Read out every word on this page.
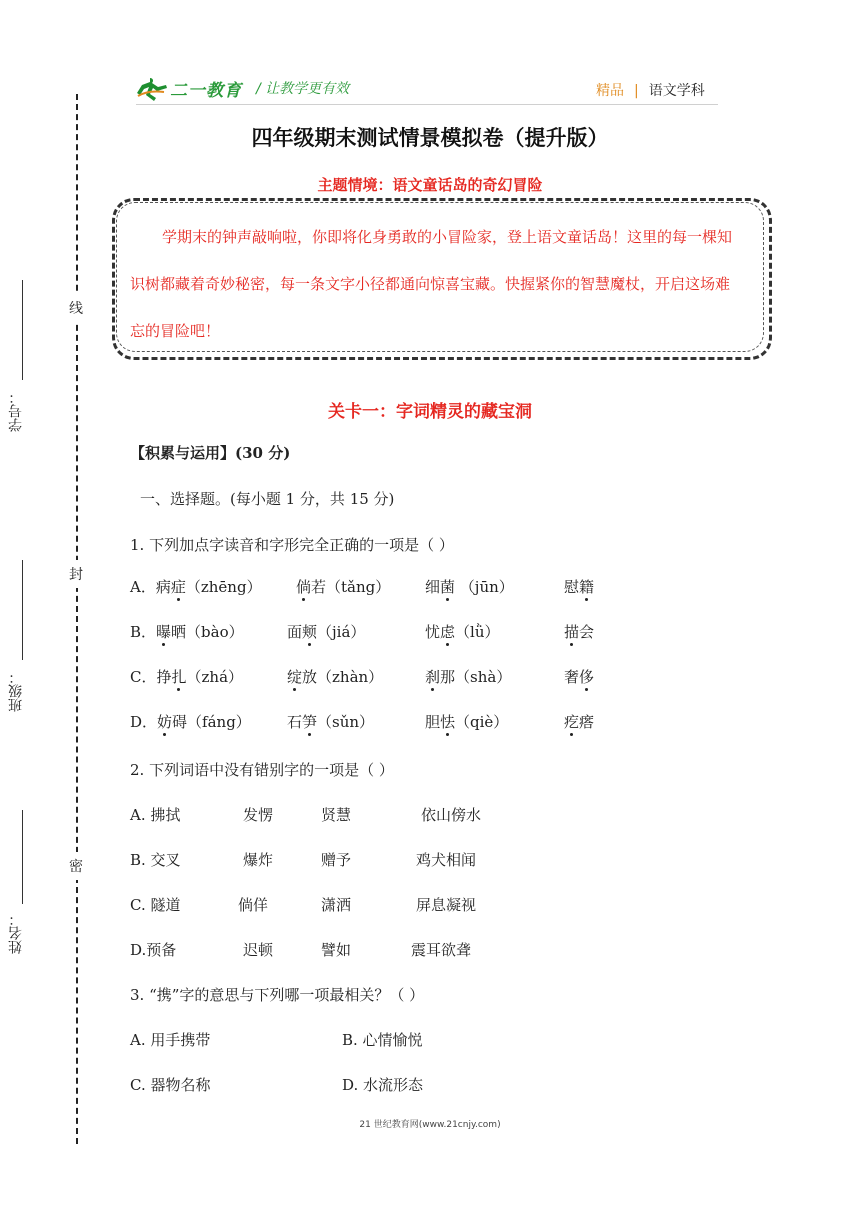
二一教育 / 让教学更有效	精品 | 语文学科
线
封
密
学号：
班级：
姓名：
四年级期末测试情景模拟卷（提升版）
主题情境：语文童话岛的奇幻冒险
学期末的钟声敲响啦，你即将化身勇敢的小冒险家，登上语文童话岛！这里的每一棵知识树都藏着奇妙秘密，每一条文字小径都通向惊喜宝藏。快握紧你的智慧魔杖，开启这场难忘的冒险吧！
关卡一：字词精灵的藏宝洞
【积累与运用】(30 分)
一、选择题。(每小题 1 分，共 15 分)
1. 下列加点字读音和字形完全正确的一项是（ ）
A．病症（zhēng） 倘若（tǎng） 细菌 （jūn）	慰籍
B．曝晒（bào）	面颊（jiá）	忧虑（lǜ）	描会
C．挣扎（zhá）	绽放（zhàn）	刹那（shà）	奢侈
D．妨碍（fáng） 石笋（sǔn）	胆怯（qiè）	疙瘩
2. 下列词语中没有错别字的一项是（ ）
A. 拂拭	发愣	贤慧	依山傍水
B. 交叉	爆炸	赠予	鸡犬相闻
C. 隧道	倘佯	潇洒	屏息凝视
D.预备	迟顿	譬如	震耳欲聋
3. “携”字的意思与下列哪一项最相关？（ ）
A. 用手携带	B. 心情愉悦
C. 器物名称	D. 水流形态
21 世纪教育网(www.21cnjy.com)
